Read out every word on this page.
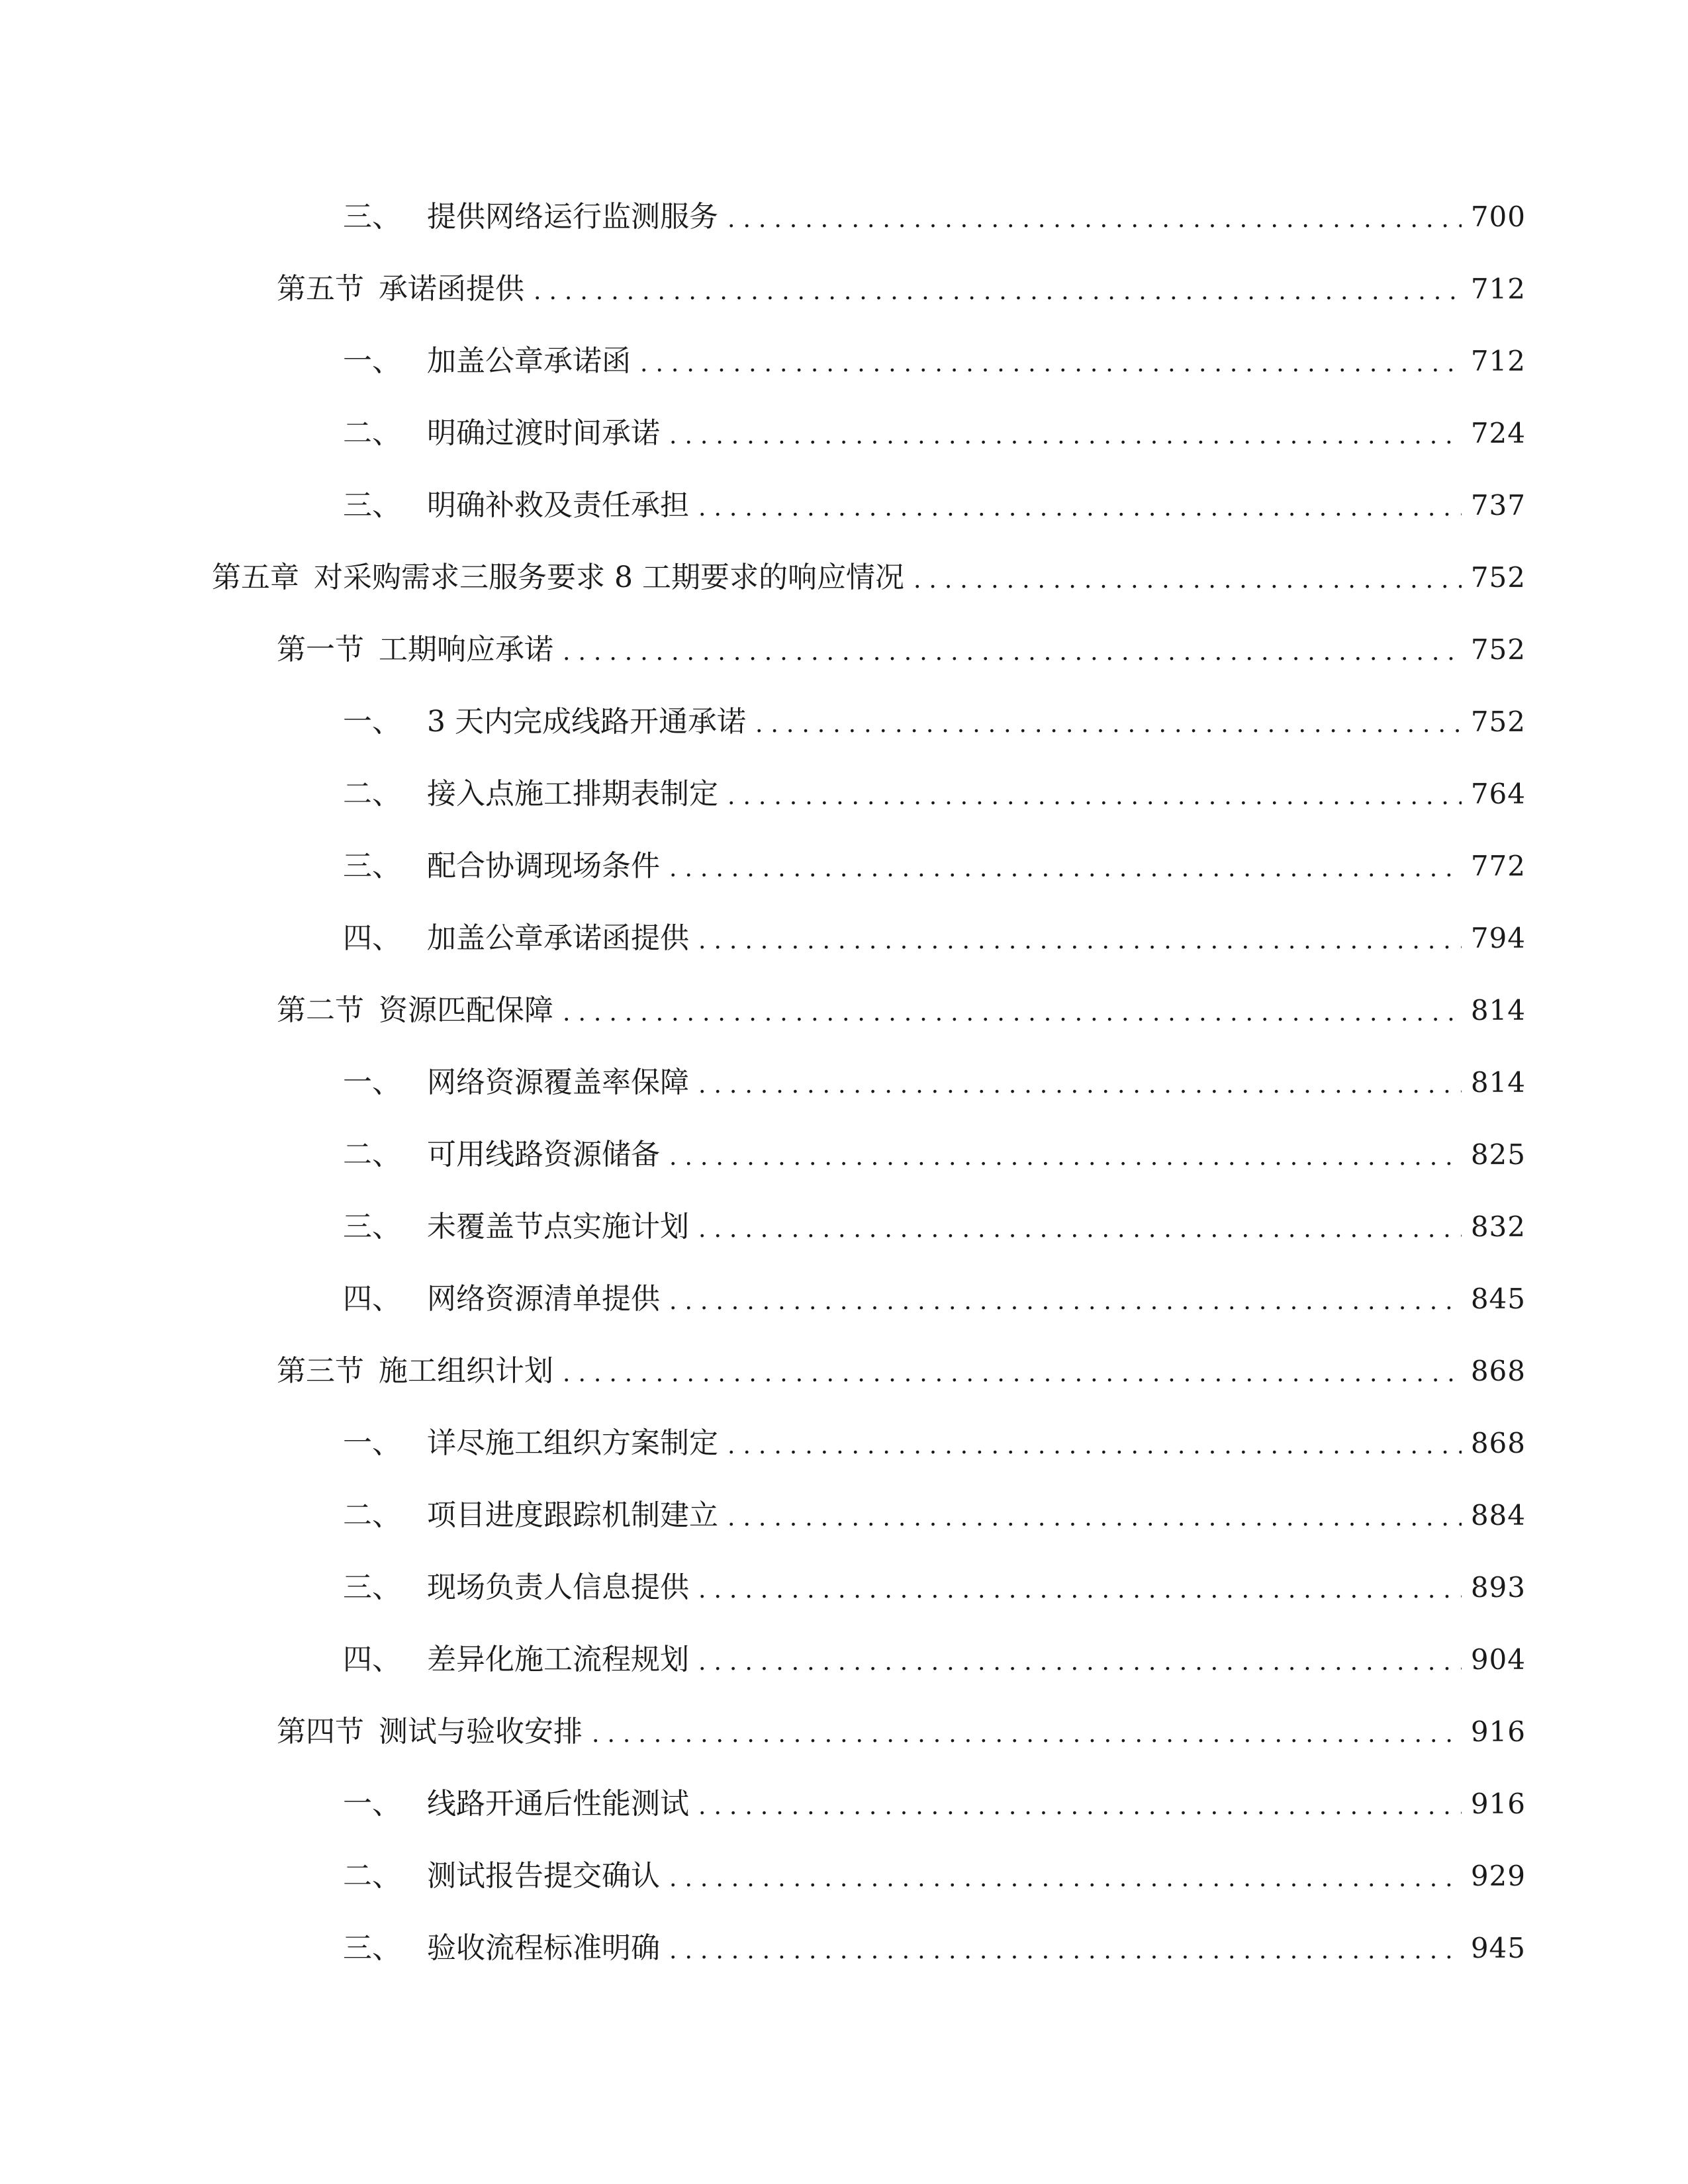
三、 提供网络运行监测服务 .....	700
第五节 承诺函提供 .....	712
一、 加盖公章承诺函 .....	712
二、 明确过渡时间承诺 .....	724
三、 明确补救及责任承担 .....	737
第五章 对采购需求三服务要求 8 工期要求的响应情况 .....	752
第一节 工期响应承诺 .....	752
一、 3 天内完成线路开通承诺 .....	752
二、 接入点施工排期表制定 .....	764
三、 配合协调现场条件 .....	772
四、 加盖公章承诺函提供 .....	794
第二节 资源匹配保障 .....	814
一、 网络资源覆盖率保障 .....	814
二、 可用线路资源储备 .....	825
三、 未覆盖节点实施计划 .....	832
四、 网络资源清单提供 .....	845
第三节 施工组织计划 .....	868
一、 详尽施工组织方案制定 .....	868
二、 项目进度跟踪机制建立 .....	884
三、 现场负责人信息提供 .....	893
四、 差异化施工流程规划 .....	904
第四节 测试与验收安排 .....	916
一、 线路开通后性能测试 .....	916
二、 测试报告提交确认 .....	929
三、 验收流程标准明确 .....	945
